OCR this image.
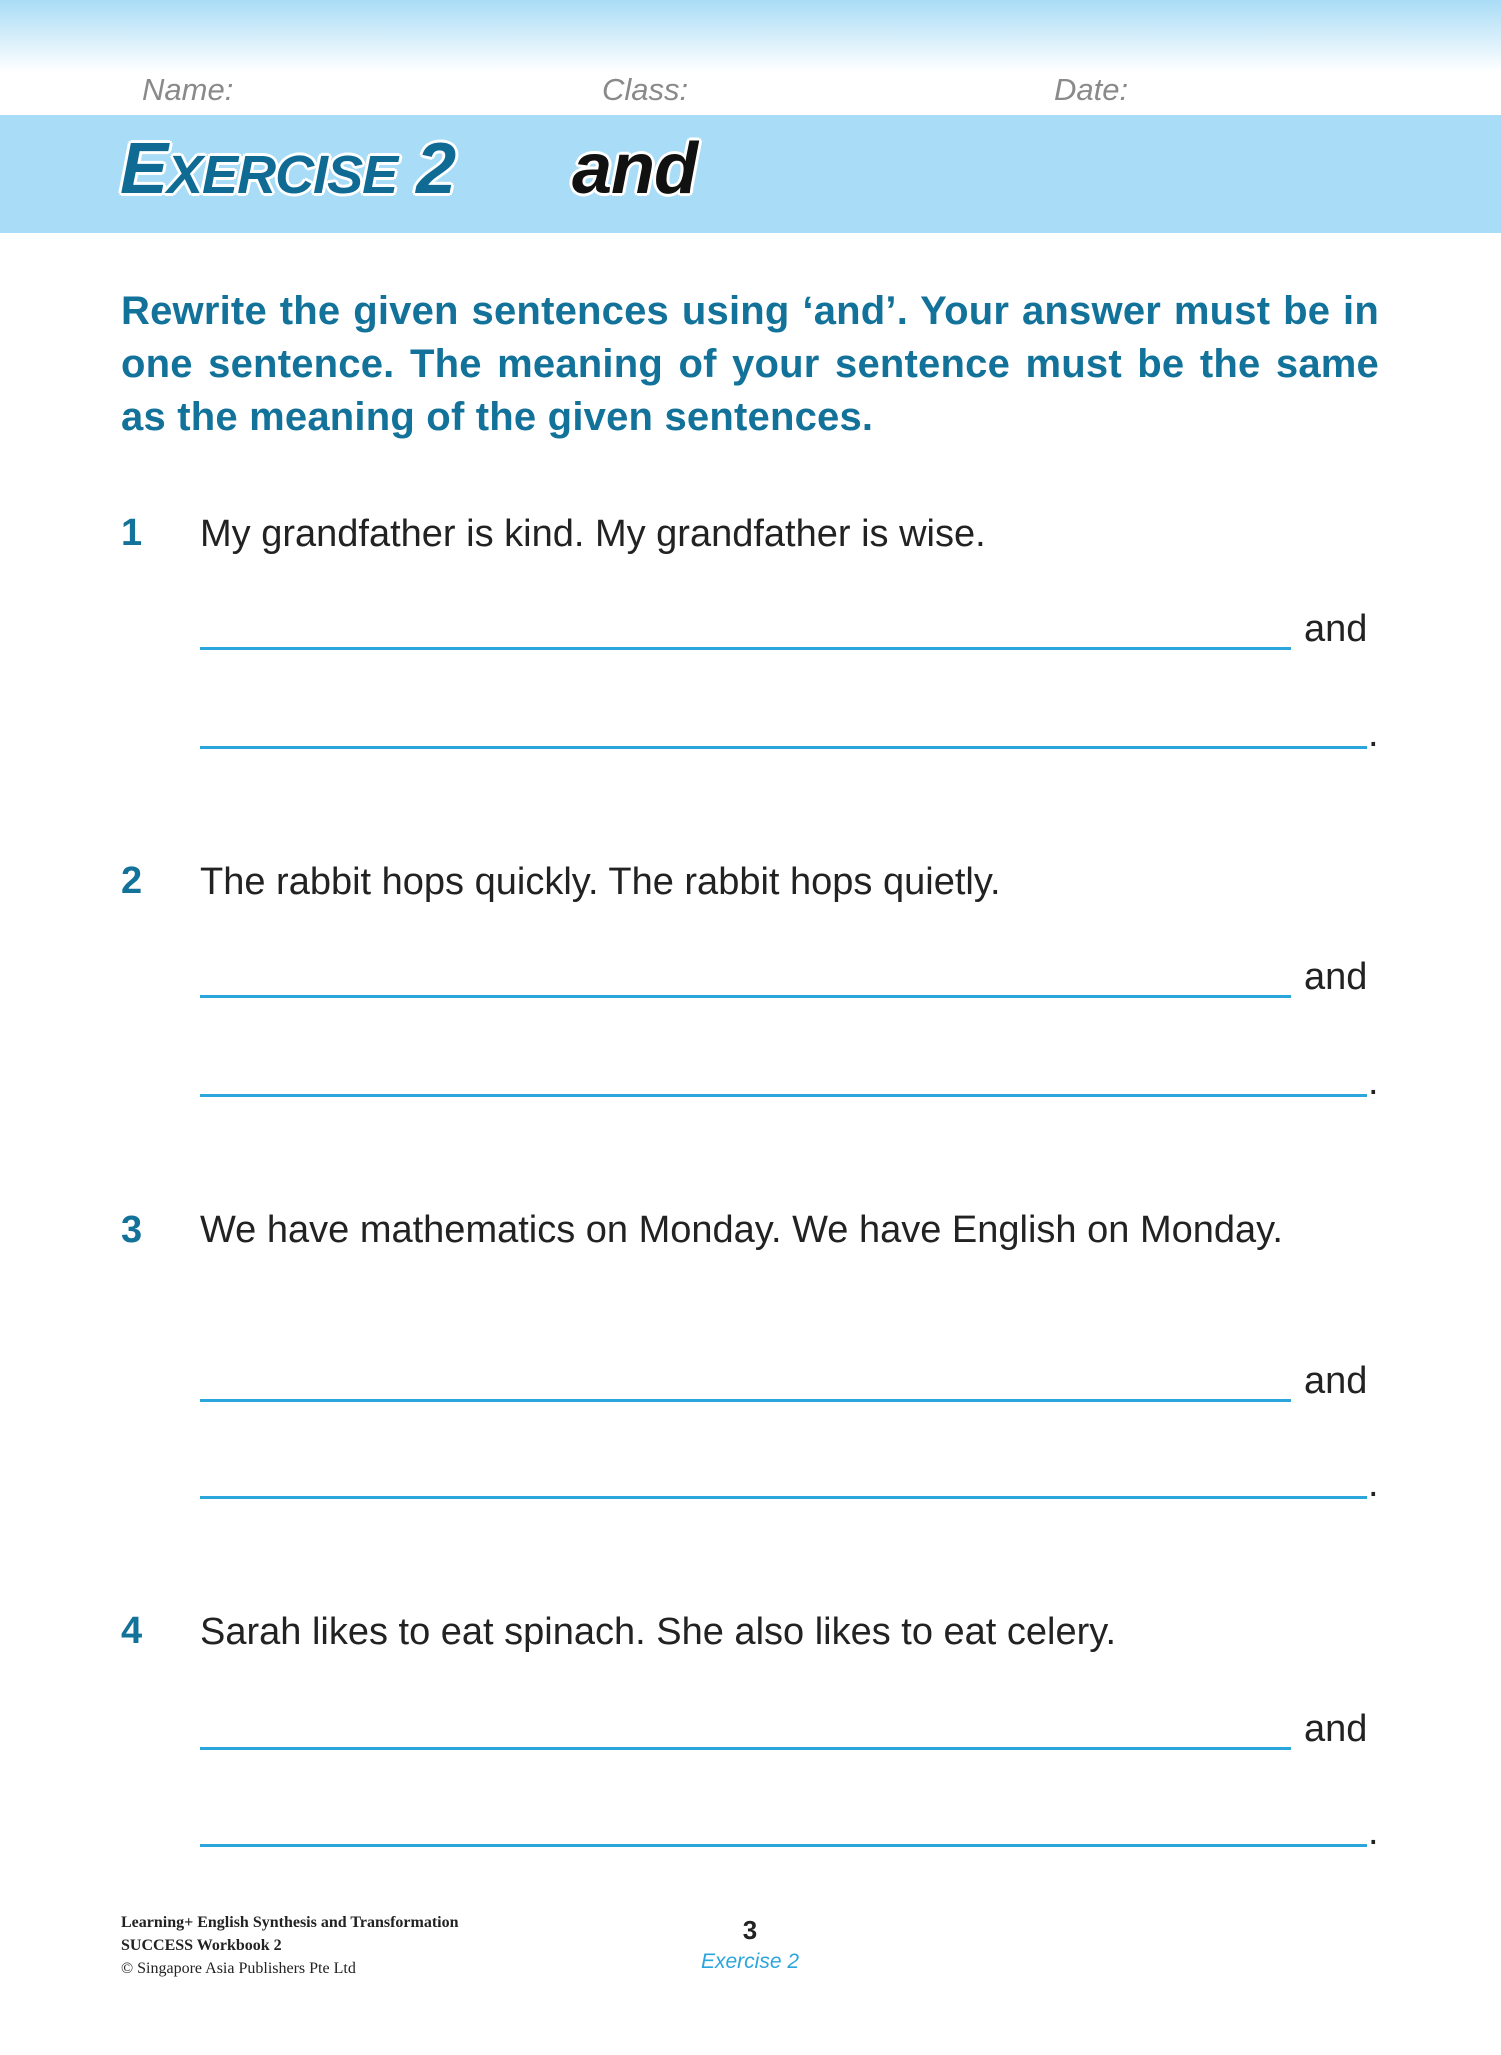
Name:	Class:	Date:
EXERCISE 2 and
Rewrite the given sentences using ‘and’. Your answer must be in one sentence. The meaning of your sentence must be the same as the meaning of the given sentences.
1 My grandfather is kind. My grandfather is wise.
and
.
2 The rabbit hops quickly. The rabbit hops quietly.
and
.
3 We have mathematics on Monday. We have English on Monday.
and
.
4 Sarah likes to eat spinach. She also likes to eat celery.
and
.
Learning+ English Synthesis and Transformation
SUCCESS Workbook 2
© Singapore Asia Publishers Pte Ltd
3
Exercise 2
